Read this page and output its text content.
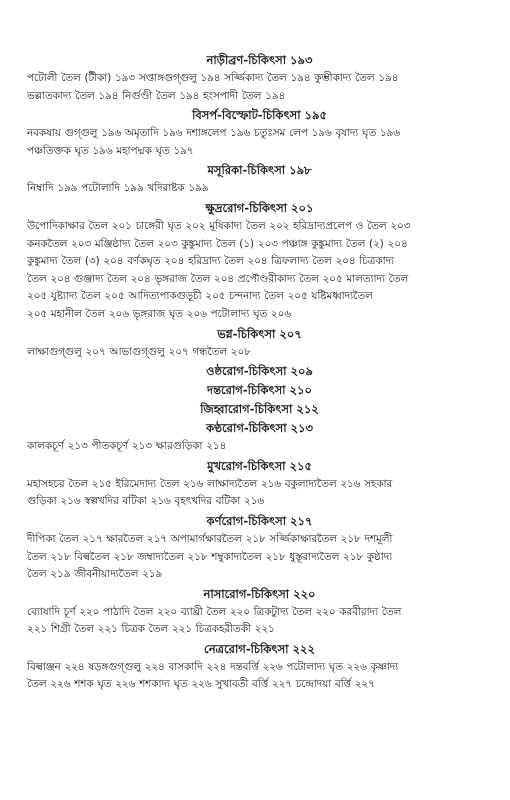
নাড়ীব্রণ-চিকিৎসা ১৯৩
পটোলী তৈল (টীকা) ১৯৩ সপ্তাঙ্গগুগ্গুলু ১৯৪ সর্জ্জিকাদ্য তৈল ১৯৪ কুম্ভীকাদ্য তৈল ১৯৪
ভল্লাতকাদ্য তৈল ১৯৪ নির্গুণ্ডী তৈল ১৯৪ হংসপাদী তৈল ১৯৪
বিসর্প-বিস্ফোট-চিকিৎসা ১৯৫
নবকষায় গুগ্গুলু ১৯৬ অমৃতাদি ১৯৬ দশাঙ্গলেপ ১৯৬ চতুঃসম লেপ ১৯৬ বৃষাদ্য ঘৃত ১৯৬
পঞ্চতিক্তক ঘৃত ১৯৬ মহাপদ্মক ঘৃত ১৯৭
মসূরিকা-চিকিৎসা ১৯৮
নিম্বাদি ১৯৯ পটোলাদি ১৯৯ খদিরাষ্টক ১৯৯
ক্ষুদ্ররোগ-চিকিৎসা ২০১
উপোদিকাক্ষার তৈল ২০১ চাঙ্গেরী ঘৃত ২০২ মূষিকাদ্য তৈল ২০২ হরিদ্রাদ্যপ্রলেপ ও তৈল ২০৩
কনকতৈল ২০৩ মঞ্জিষ্ঠাদ্য তৈল ২০৩ কুঙ্কুমাদ্য তৈল (১) ২০৩ পঞ্চাঙ্গ কুঙ্কুমাদ্য তৈল (২) ২০৪
কুঙ্কুমাদ্য তৈল (৩) ২০৪ বর্ণকঘৃত ২০৪ হরিদ্রাদ্য তৈল ২০৪ ত্রিফলাদ্য তৈল ২০৪ চিত্রকাদ্য
তৈল ২০৪ গুঞ্জাদ্য তৈল ২০৪ ভৃঙ্গরাজ তৈল ২০৪ প্রপৌণ্ডরীকাদ্য তৈল ২০৫ মালত্যাদ্য তৈল
২০৫ যুষ্ট্যাদ্য তৈল ২০৫ আদিত্যপাকগুড়ূচী ২০৫ চন্দনাদ্য তৈল ২০৫ যষ্টিমধ্বাদ্যতৈল
২০৫ মহানীল তৈল ২০৬ ভৃঙ্গরাজ ঘৃত ২০৬ পটোলাদ্য ঘৃত ২০৬
ভগ্ন-চিকিৎসা ২০৭
লাক্ষাগুগ্গুলু ২০৭ আভাগুগ্গুলু ২০৭ গন্ধতৈল ২০৮
ওষ্ঠরোগ-চিকিৎসা ২০৯
দন্তরোগ-চিকিৎসা ২১০
জিহ্বারোগ-চিকিৎসা ২১২
কণ্ঠরোগ-চিকিৎসা ২১৩
কালকচূর্ণ ২১৩ পীতকচূর্ণ ২১৩ ক্ষারগুড়িকা ২১৪
মুখরোগ-চিকিৎসা ২১৫
মহাসহচর তৈল ২১৫ ইরিমেদাদ্য তৈল ২১৬ লাক্ষাদ্যতৈল ২১৬ বকুলাদ্যতৈল ২১৬ সহকার
গুড়িকা ২১৬ স্বল্পখদির বটিকা ২১৬ বৃহৎখদির বটিকা ২১৬
কর্ণরোগ-চিকিৎসা ২১৭
দীপিকা তৈল ২১৭ ক্ষারতৈল ২১৭ অপামার্গক্ষারতৈল ২১৮ সর্জ্জিকাক্ষারতৈল ২১৮ দশমূলী
তৈল ২১৮ বিল্বতৈল ২১৮ জম্বাদ্যতৈল ২১৮ শম্বুকাদ্যতৈল ২১৮ ধুস্তূরাদ্যতৈল ২১৮ কুষ্ঠাদ্য
তৈল ২১৯ জীবনীয়াদ্যতৈল ২১৯
নাসারোগ-চিকিৎসা ২২০
ব্যোষাদি চূর্ণ ২২০ পাঠাদি তৈল ২২০ ব্যাঘ্রী তৈল ২২০ ত্রিকটুাদ্য তৈল ২২০ করবীরাদ্য তৈল
২২১ শিগ্রী তৈল ২২১ চিত্রক তৈল ২২১ চিত্রকহরীতকী ২২১
নেত্ররোগ-চিকিৎসা ২২২
বিল্বাঞ্জন ২২৪ ষড়ঙ্গগুগ্গুলু ২২৪ বাসকাদি ২২৪ দন্তবর্ত্তি ২২৬ পটোলাদ্য ঘৃত ২২৬ কৃষ্ণাদ্য
তৈল ২২৬ শশক ঘৃত ২২৬ শশকাদ্য ঘৃত ২২৬ সুখাবতী বর্ত্তি ২২৭ চন্দ্রোদয়া বর্ত্তি ২২৭
